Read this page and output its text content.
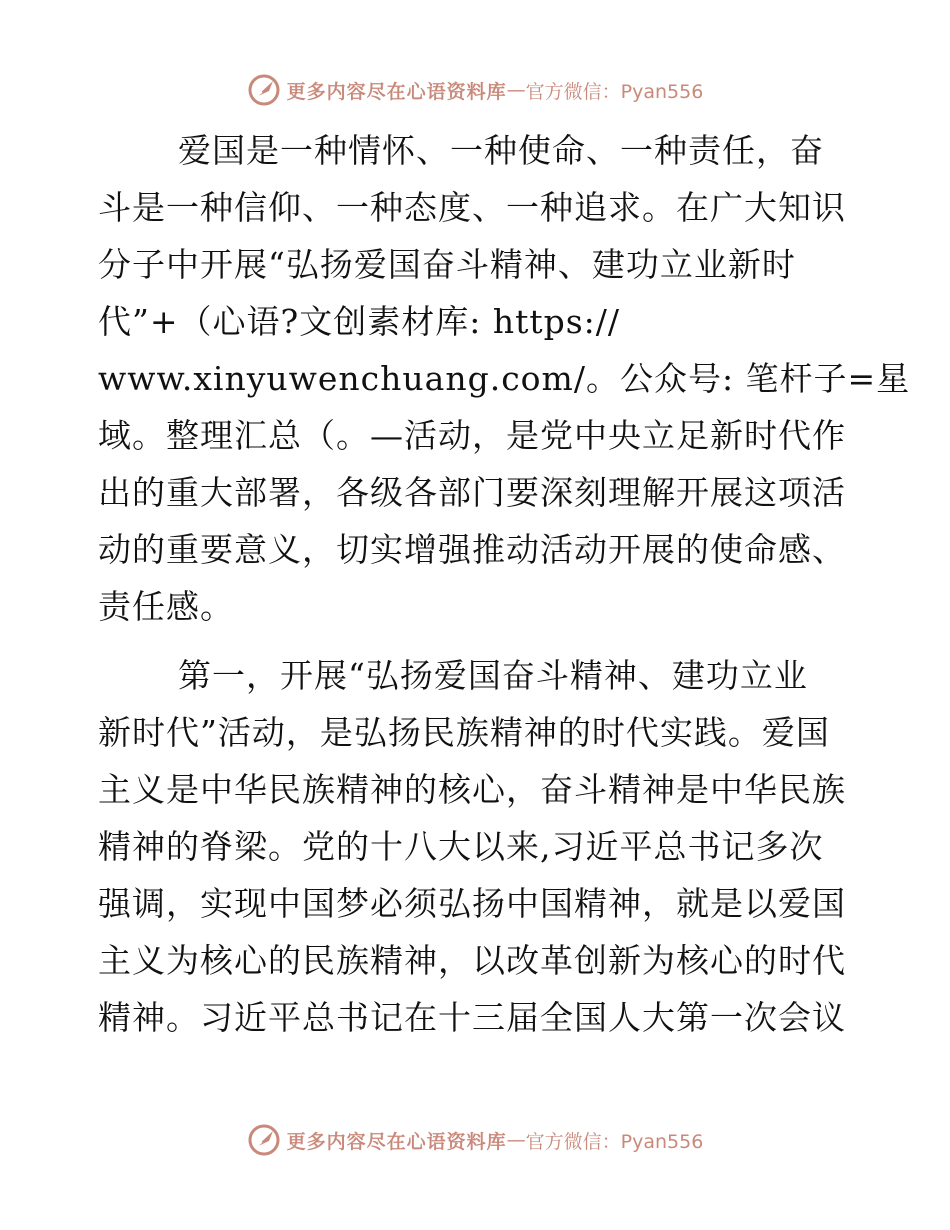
更多内容尽在心语资料库 — 官方微信：Pyan556
爱国是一种情怀、一种使命、一种责任，奋
斗是一种信仰、一种态度、一种追求。在广大知识
分子中开展“弘扬爱国奋斗精神、建功立业新时
代”+（心语?文创素材库: https://
www.xinyuwenchuang.com/。公众号: 笔杆子=星
域。整理汇总（。—活动，是党中央立足新时代作
出的重大部署，各级各部门要深刻理解开展这项活
动的重要意义，切实增强推动活动开展的使命感、
责任感。
第一，开展“弘扬爱国奋斗精神、建功立业
新时代”活动，是弘扬民族精神的时代实践。爱国
主义是中华民族精神的核心，奋斗精神是中华民族
精神的脊梁。党的十八大以来,习近平总书记多次
强调，实现中国梦必须弘扬中国精神，就是以爱国
主义为核心的民族精神，以改革创新为核心的时代
精神。习近平总书记在十三届全国人大第一次会议
更多内容尽在心语资料库 — 官方微信：Pyan556
